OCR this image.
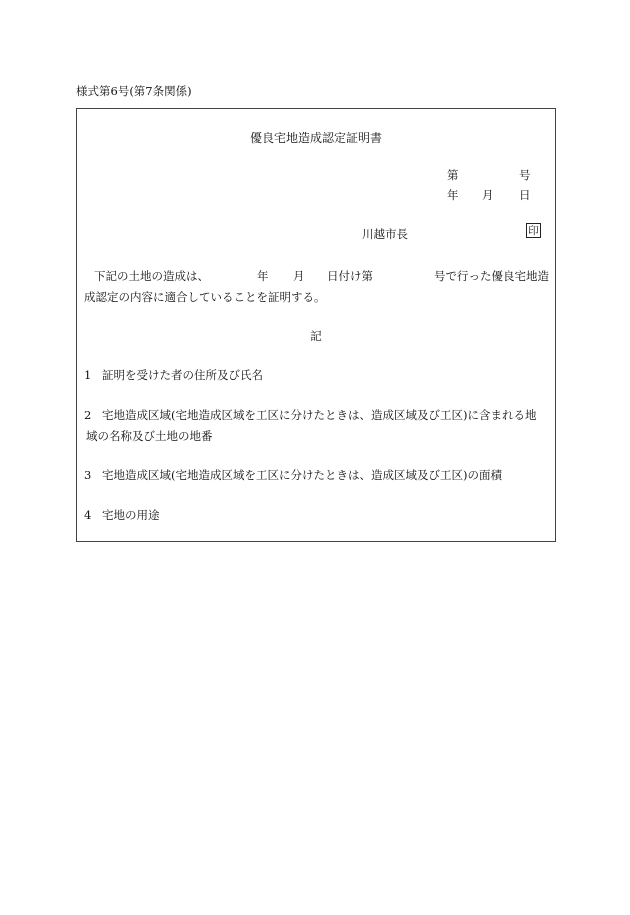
様式第6号(第7条関係)
優良宅地造成認定証明書
第	号
年 月 日
川越市長	印
下記の土地の造成は、	年 月 日付け第	号で行った優良宅地造
成認定の内容に適合していることを証明する。
記
1 証明を受けた者の住所及び氏名
2 宅地造成区域(宅地造成区域を工区に分けたときは、造成区域及び工区)に含まれる地
域の名称及び土地の地番
3 宅地造成区域(宅地造成区域を工区に分けたときは、造成区域及び工区)の面積
4 宅地の用途
